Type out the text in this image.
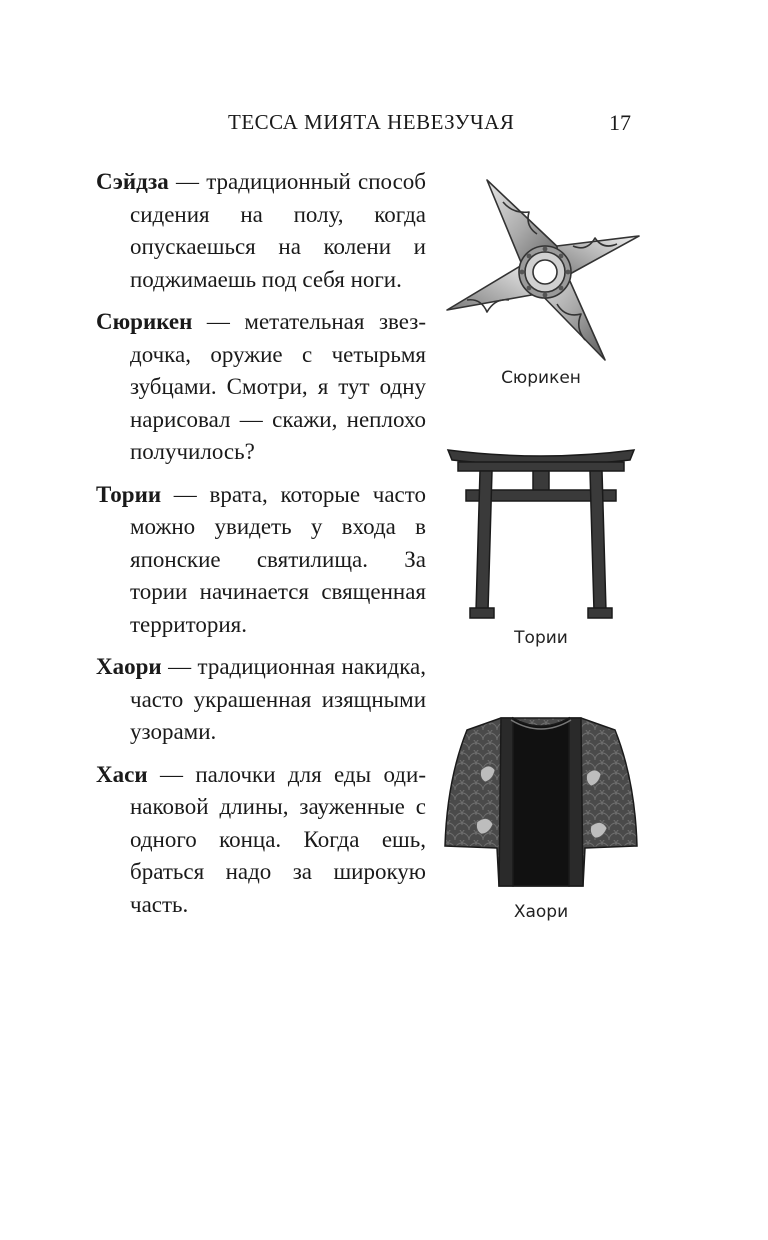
ТЕССА МИЯТА НЕВЕЗУЧАЯ	17

Сэйдза — традиционный способ сидения на полу, когда опускаешься на колени и поджимаешь под себя ноги.

Сюрикен — метательная звездочка, оружие с четырьмя зубцами. Смотри, я тут одну нарисовал — скажи, неплохо получилось?

Тории — врата, которые часто можно увидеть у входа в японские святилища. За тории начинается священная территория.

Хаори — традиционная накидка, часто украшенная изящными узорами.

Хаси — палочки для еды одинаковой длины, зауженные с одного конца. Когда ешь, браться надо за широкую часть.

Сюрикен
Тории
Хаори
